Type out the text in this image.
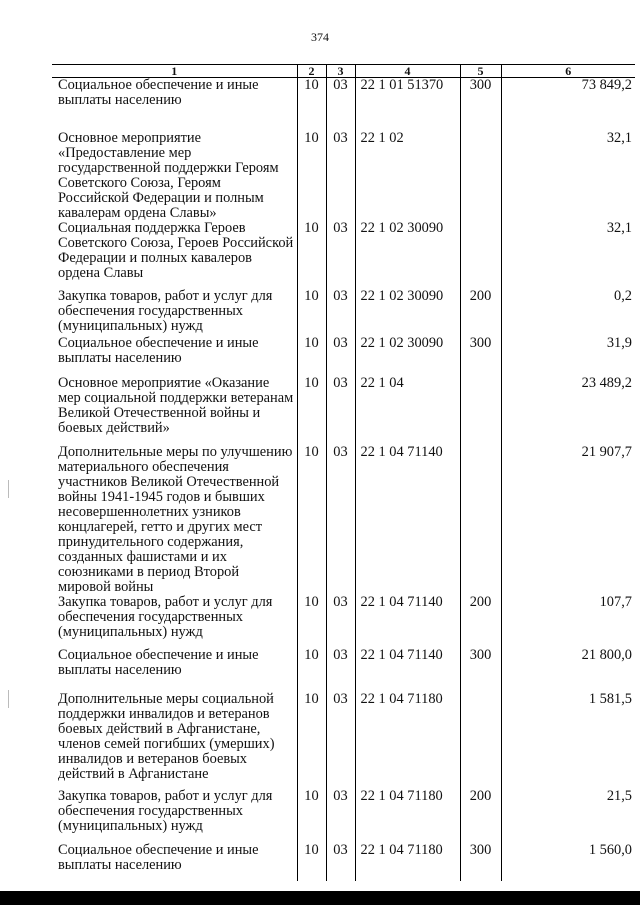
374
1	2	3	4	5	6
Социальное обеспечение и иные выплаты населению	10	03	22 1 01 51370	300	73 849,2
Основное мероприятие «Предоставление мер государственной поддержки Героям Советского Союза, Героям Российской Федерации и полным кавалерам ордена Славы»	10	03	22 1 02		32,1
Социальная поддержка Героев Советского Союза, Героев Российской Федерации и полных кавалеров ордена Славы	10	03	22 1 02 30090		32,1
Закупка товаров, работ и услуг для обеспечения государственных (муниципальных) нужд	10	03	22 1 02 30090	200	0,2
Социальное обеспечение и иные выплаты населению	10	03	22 1 02 30090	300	31,9
Основное мероприятие «Оказание мер социальной поддержки ветеранам Великой Отечественной войны и боевых действий»	10	03	22 1 04		23 489,2
Дополнительные меры по улучшению материального обеспечения участников Великой Отечественной войны 1941-1945 годов и бывших несовершеннолетних узников концлагерей, гетто и других мест принудительного содержания, созданных фашистами и их союзниками в период Второй мировой войны	10	03	22 1 04 71140		21 907,7
Закупка товаров, работ и услуг для обеспечения государственных (муниципальных) нужд	10	03	22 1 04 71140	200	107,7
Социальное обеспечение и иные выплаты населению	10	03	22 1 04 71140	300	21 800,0
Дополнительные меры социальной поддержки инвалидов и ветеранов боевых действий в Афганистане, членов семей погибших (умерших) инвалидов и ветеранов боевых действий в Афганистане	10	03	22 1 04 71180		1 581,5
Закупка товаров, работ и услуг для обеспечения государственных (муниципальных) нужд	10	03	22 1 04 71180	200	21,5
Социальное обеспечение и иные выплаты населению	10	03	22 1 04 71180	300	1 560,0
